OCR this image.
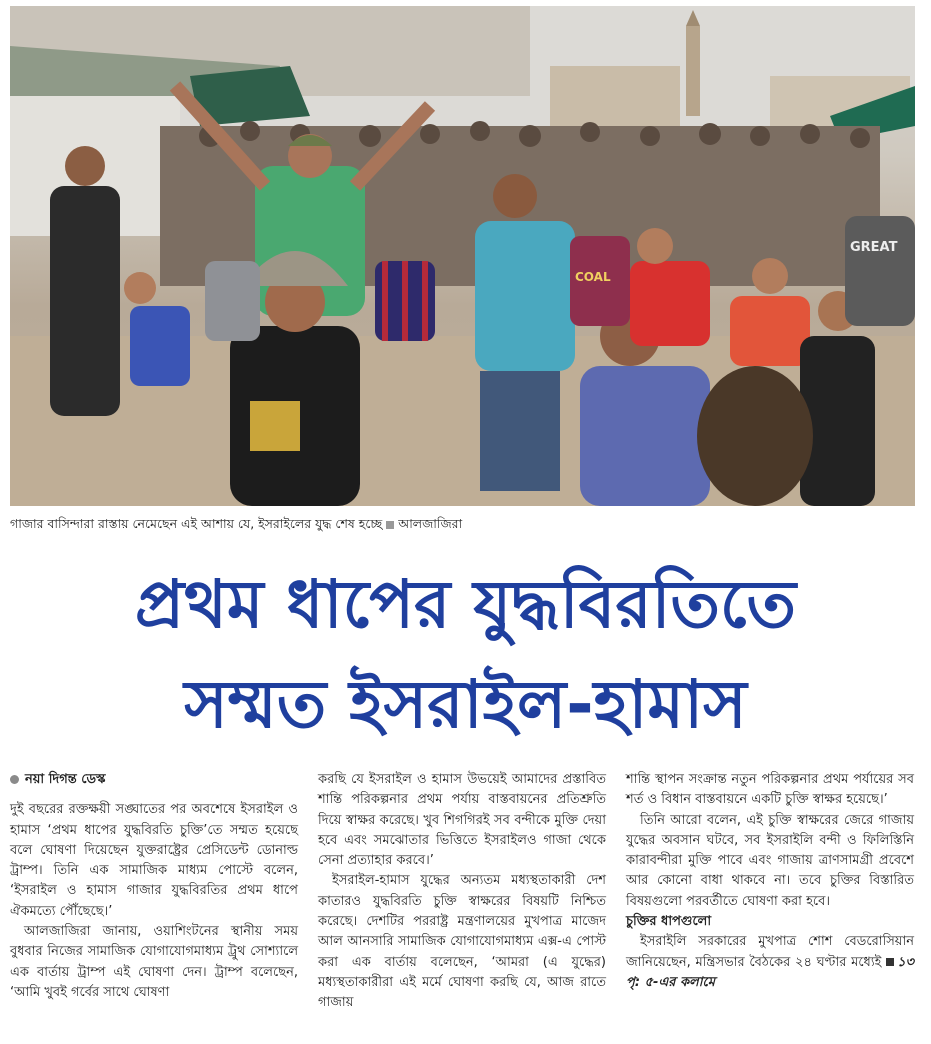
GREAT
COAL
গাজার বাসিন্দারা রাস্তায় নেমেছেন এই আশায় যে, ইসরাইলের যুদ্ধ শেষ হচ্ছে আলজাজিরা
প্রথম ধাপের যুদ্ধবিরতিতে
সম্মত ইসরাইল-হামাস
নয়া দিগন্ত ডেস্ক

দুই বছরের রক্তক্ষয়ী সঙ্ঘাতের পর অবশেষে ইসরাইল ও হামাস ‘প্রথম ধাপের যুদ্ধবিরতি চুক্তি’তে সম্মত হয়েছে বলে ঘোষণা দিয়েছেন যুক্তরাষ্ট্রের প্রেসিডেন্ট ডোনাল্ড ট্রাম্প। তিনি এক সামাজিক মাধ্যম পোস্টে বলেন, ‘ইসরাইল ও হামাস গাজার যুদ্ধবিরতির প্রথম ধাপে ঐকমত্যে পৌঁছেছে।’

আলজাজিরা জানায়, ওয়াশিংটনের স্থানীয় সময় বুধবার নিজের সামাজিক যোগাযোগমাধ্যম ট্রুথ সোশ্যালে এক বার্তায় ট্রাম্প এই ঘোষণা দেন। ট্রাম্প বলেছেন, ‘আমি খুবই গর্বের সাথে ঘোষণা

করছি যে ইসরাইল ও হামাস উভয়েই আমাদের প্রস্তাবিত শান্তি পরিকল্পনার প্রথম পর্যায় বাস্তবায়নের প্রতিশ্রুতি দিয়ে স্বাক্ষর করেছে। খুব শিগগিরই সব বন্দীকে মুক্তি দেয়া হবে এবং সমঝোতার ভিত্তিতে ইসরাইলও গাজা থেকে সেনা প্রত্যাহার করবে।’

ইসরাইল-হামাস যুদ্ধের অন্যতম মধ্যস্থতাকারী দেশ কাতারও যুদ্ধবিরতি চুক্তি স্বাক্ষরের বিষয়টি নিশ্চিত করেছে। দেশটির পররাষ্ট্র মন্ত্রণালয়ের মুখপাত্র মাজেদ আল আনসারি সামাজিক যোগাযোগমাধ্যম এক্স-এ পোস্ট করা এক বার্তায় বলেছেন, ‘আমরা (এ যুদ্ধের) মধ্যস্থতাকারীরা এই মর্মে ঘোষণা করছি যে, আজ রাতে গাজায়

শান্তি স্থাপন সংক্রান্ত নতুন পরিকল্পনার প্রথম পর্যায়ের সব শর্ত ও বিধান বাস্তবায়নে একটি চুক্তি স্বাক্ষর হয়েছে।’

তিনি আরো বলেন, এই চুক্তি স্বাক্ষরের জেরে গাজায় যুদ্ধের অবসান ঘটবে, সব ইসরাইলি বন্দী ও ফিলিস্তিনি কারাবন্দীরা মুক্তি পাবে এবং গাজায় ত্রাণসামগ্রী প্রবেশে আর কোনো বাধা থাকবে না। তবে চুক্তির বিস্তারিত বিষয়গুলো পরবর্তীতে ঘোষণা করা হবে।

চুক্তির ধাপগুলো

ইসরাইলি সরকারের মুখপাত্র শোশ বেডরোসিয়ান জানিয়েছেন, মন্ত্রিসভার বৈঠকের ২৪ ঘণ্টার মধ্যেই ১৩ পৃ: ৫-এর কলামে
